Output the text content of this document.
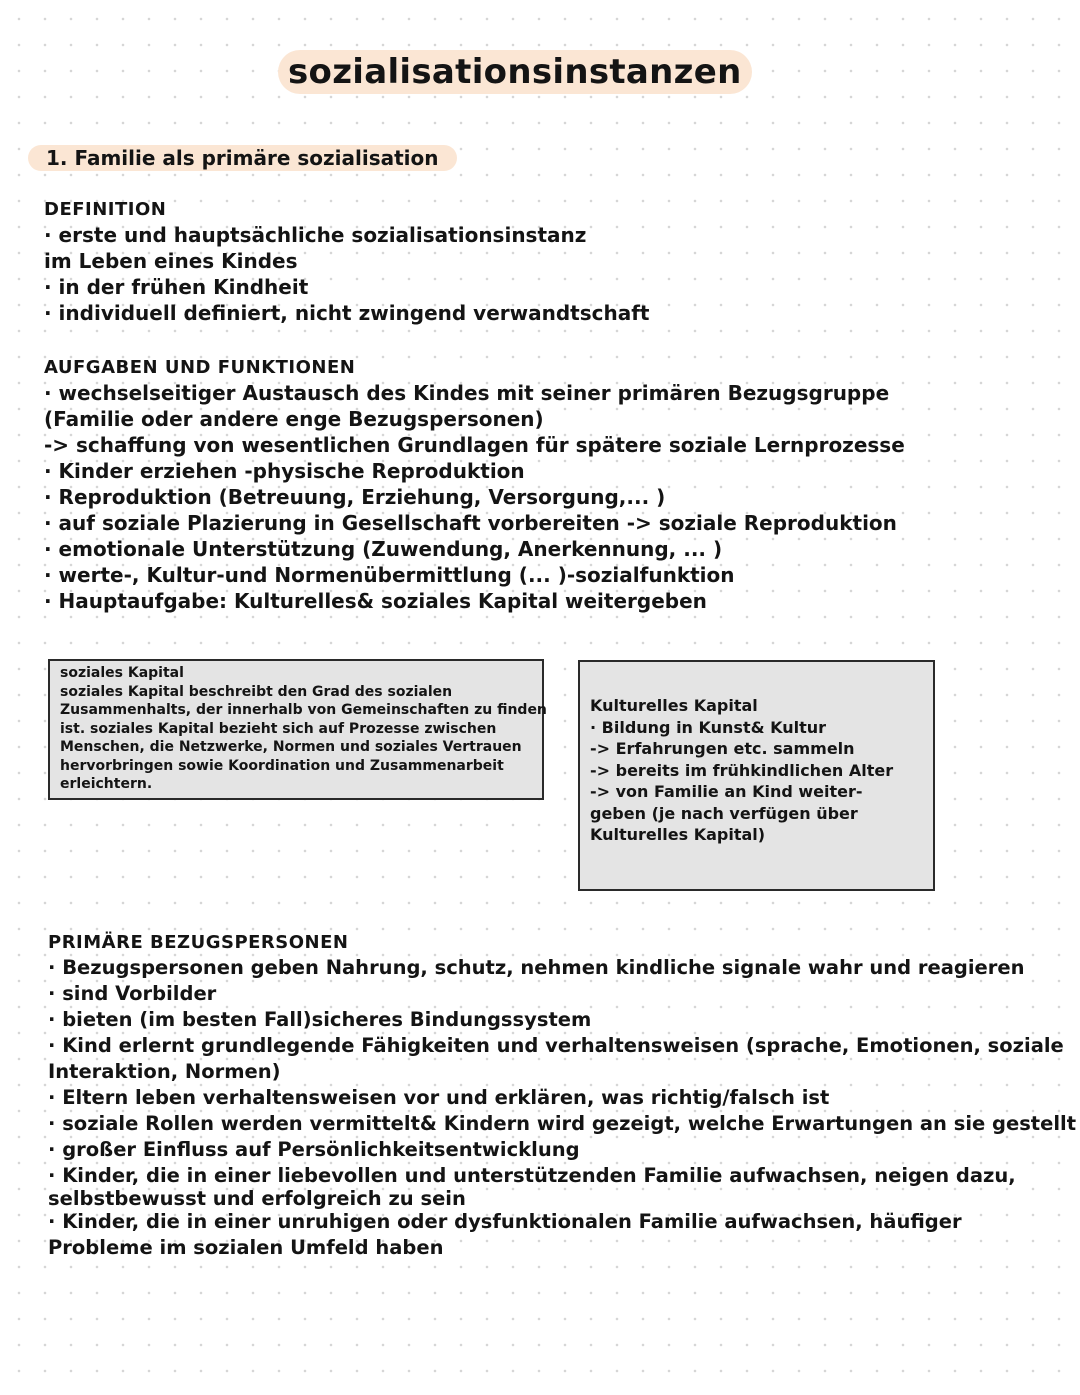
sozialisationsinstanzen
1. Familie als primäre sozialisation
DEFINITION
· erste und hauptsächliche sozialisationsinstanz
im Leben eines Kindes
· in der frühen Kindheit
· individuell definiert, nicht zwingend verwandtschaft
AUFGABEN UND FUNKTIONEN
· wechselseitiger Austausch des Kindes mit seiner primären Bezugsgruppe
(Familie oder andere enge Bezugspersonen)
-> schaffung von wesentlichen Grundlagen für spätere soziale Lernprozesse
· Kinder erziehen -physische Reproduktion
· Reproduktion (Betreuung, Erziehung, Versorgung,... )
· auf soziale Plazierung in Gesellschaft vorbereiten -> soziale Reproduktion
· emotionale Unterstützung (Zuwendung, Anerkennung, ... )
· werte-, Kultur-und Normenübermittlung (... )-sozialfunktion
· Hauptaufgabe: Kulturelles& soziales Kapital weitergeben
soziales Kapital
soziales Kapital beschreibt den Grad des sozialen
Zusammenhalts, der innerhalb von Gemeinschaften zu finden
ist. soziales Kapital bezieht sich auf Prozesse zwischen
Menschen, die Netzwerke, Normen und soziales Vertrauen
hervorbringen sowie Koordination und Zusammenarbeit
erleichtern.
Kulturelles Kapital
· Bildung in Kunst& Kultur
-> Erfahrungen etc. sammeln
-> bereits im frühkindlichen Alter
-> von Familie an Kind weiter-
geben (je nach verfügen über
Kulturelles Kapital)
PRIMÄRE BEZUGSPERSONEN
· Bezugspersonen geben Nahrung, schutz, nehmen kindliche signale wahr und reagieren
· sind Vorbilder
· bieten (im besten Fall)sicheres Bindungssystem
· Kind erlernt grundlegende Fähigkeiten und verhaltensweisen (sprache, Emotionen, soziale
Interaktion, Normen)
· Eltern leben verhaltensweisen vor und erklären, was richtig/falsch ist
· soziale Rollen werden vermittelt& Kindern wird gezeigt, welche Erwartungen an sie gestellt
· großer Einfluss auf Persönlichkeitsentwicklung
· Kinder, die in einer liebevollen und unterstützenden Familie aufwachsen, neigen dazu,
selbstbewusst und erfolgreich zu sein
· Kinder, die in einer unruhigen oder dysfunktionalen Familie aufwachsen, häufiger
Probleme im sozialen Umfeld haben
